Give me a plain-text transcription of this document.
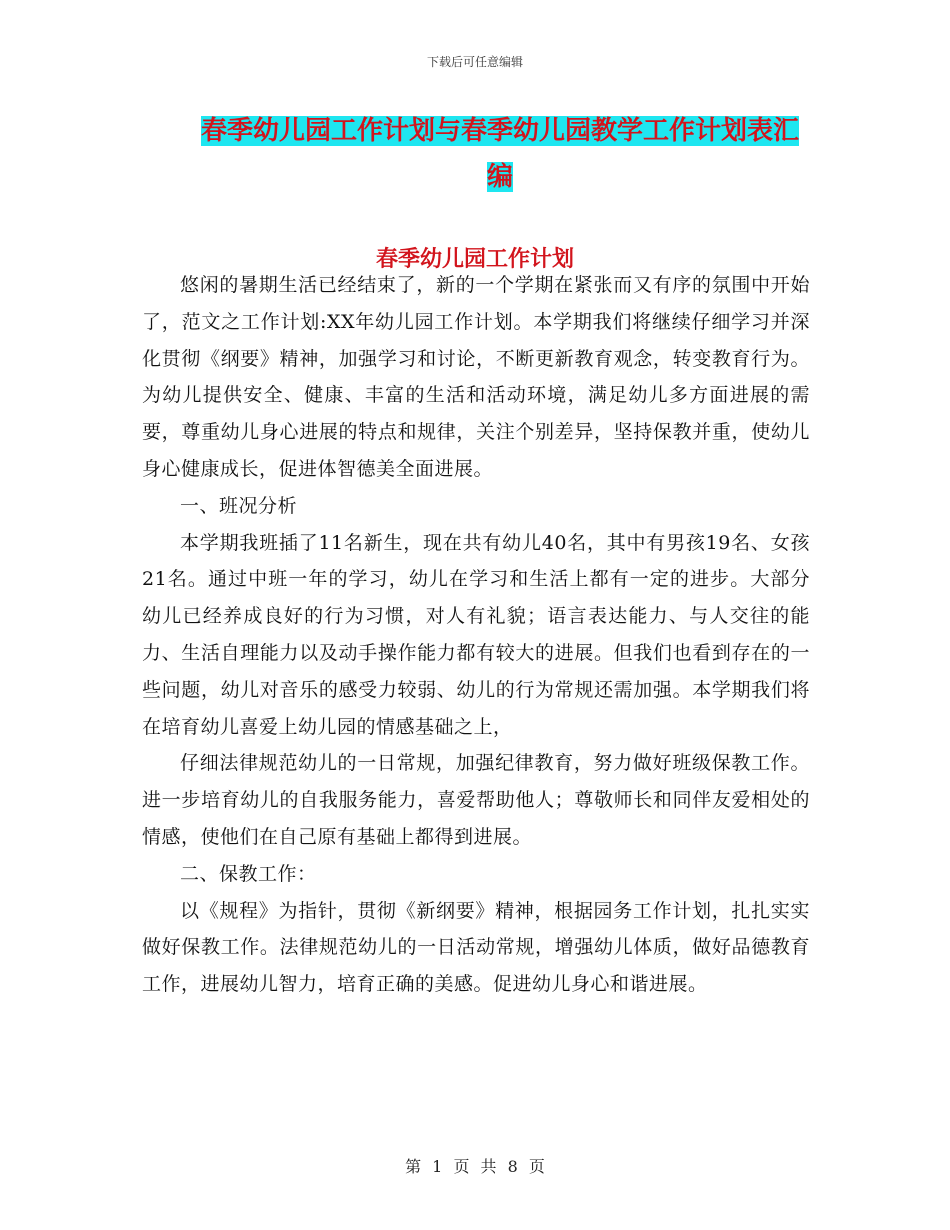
下载后可任意编辑
春季幼儿园工作计划与春季幼儿园教学工作计划表汇编
春季幼儿园工作计划

悠闲的暑期生活已经结束了，新的一个学期在紧张而又有序的氛围中开始了，范文之工作计划:XX年幼儿园工作计划。本学期我们将继续仔细学习并深化贯彻《纲要》精神，加强学习和讨论，不断更新教育观念，转变教育行为。为幼儿提供安全、健康、丰富的生活和活动环境，满足幼儿多方面进展的需要，尊重幼儿身心进展的特点和规律，关注个别差异，坚持保教并重，使幼儿身心健康成长，促进体智德美全面进展。

一、班况分析

本学期我班插了11名新生，现在共有幼儿40名，其中有男孩19名、女孩21名。通过中班一年的学习，幼儿在学习和生活上都有一定的进步。大部分幼儿已经养成良好的行为习惯，对人有礼貌；语言表达能力、与人交往的能力、生活自理能力以及动手操作能力都有较大的进展。但我们也看到存在的一些问题，幼儿对音乐的感受力较弱、幼儿的行为常规还需加强。本学期我们将在培育幼儿喜爱上幼儿园的情感基础之上，

仔细法律规范幼儿的一日常规，加强纪律教育，努力做好班级保教工作。进一步培育幼儿的自我服务能力，喜爱帮助他人；尊敬师长和同伴友爱相处的情感，使他们在自己原有基础上都得到进展。

二、保教工作：

以《规程》为指针，贯彻《新纲要》精神，根据园务工作计划，扎扎实实做好保教工作。法律规范幼儿的一日活动常规，增强幼儿体质，做好品德教育工作，进展幼儿智力，培育正确的美感。促进幼儿身心和谐进展。

第 1 页 共 8 页
